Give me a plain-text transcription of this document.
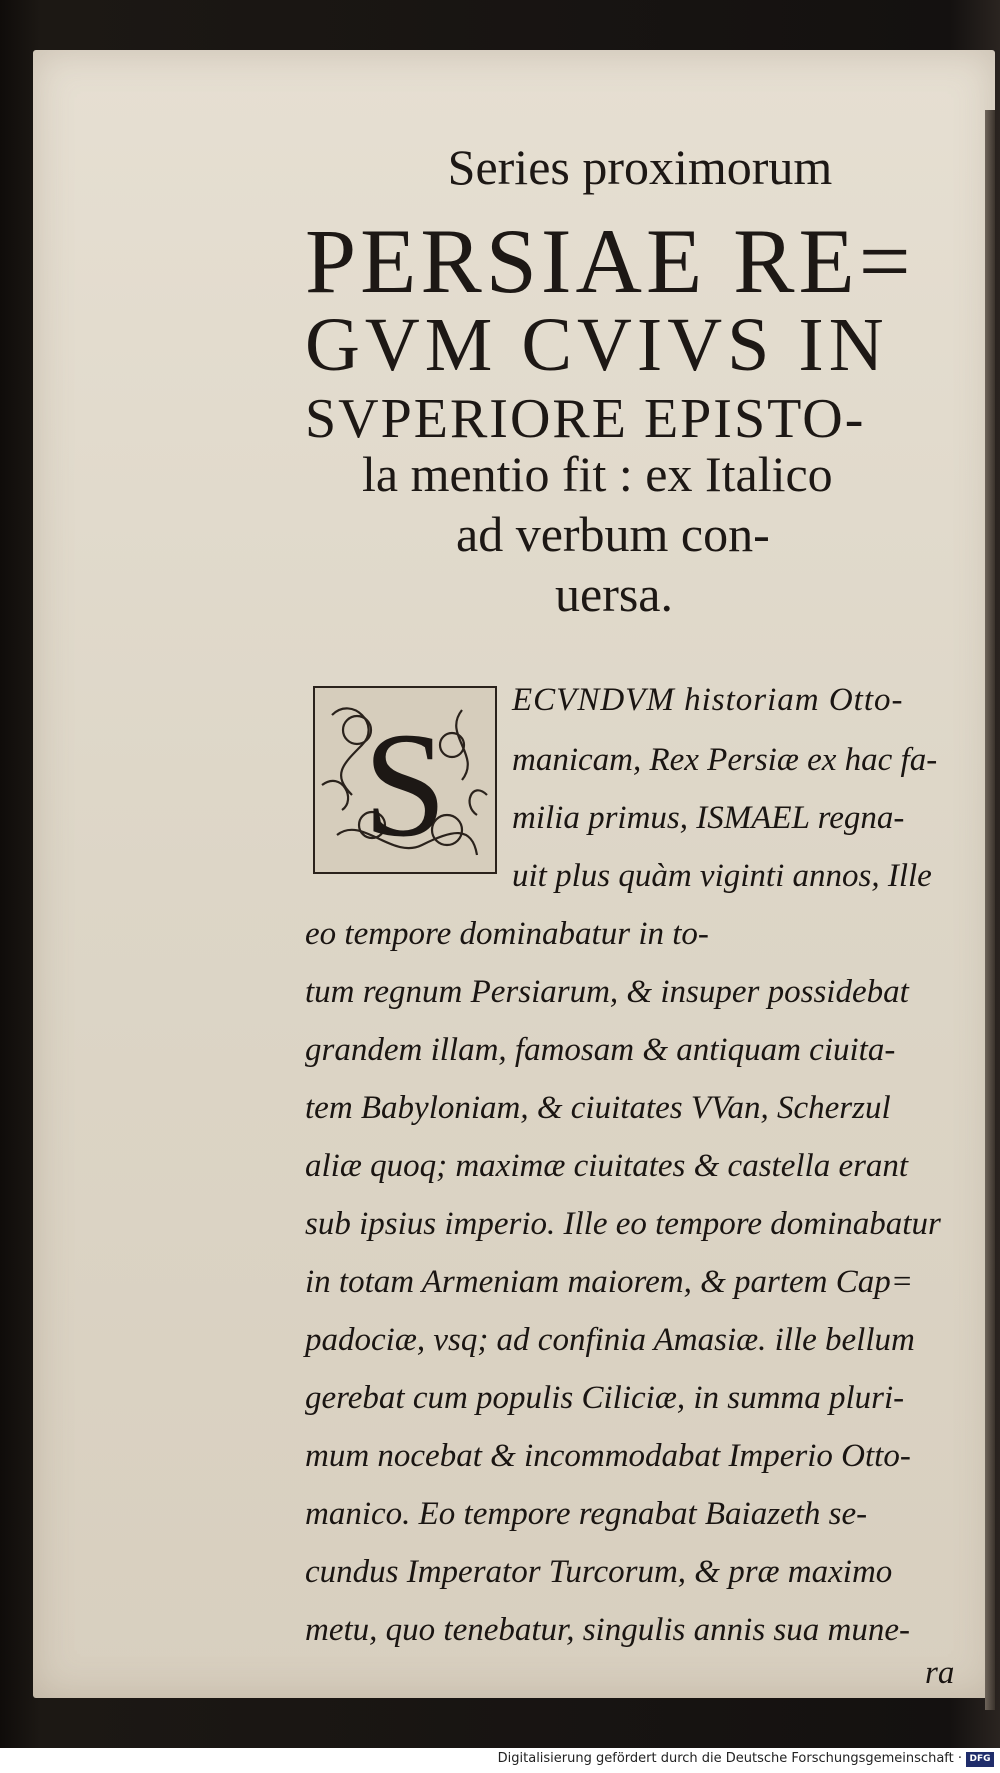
Series proximorum
PERSIAE RE=
GVM CVIVS IN
SVPERIORE EPISTO-
la mentio fit : ex Italico
ad verbum con-
uersa.
S
ECVNDVM historiam Otto-
manicam, Rex Persiæ ex hac fa-
milia primus, ISMAEL regna-
uit plus quàm viginti annos, Ille
eo tempore dominabatur in to-
tum regnum Persiarum, & insuper possidebat
grandem illam, famosam & antiquam ciuita-
tem Babyloniam, & ciuitates VVan, Scherzul
aliæ quoq; maximæ ciuitates & castella erant
sub ipsius imperio. Ille eo tempore dominabatur
in totam Armeniam maiorem, & partem Cap=
padociæ, vsq; ad confinia Amasiæ. ille bellum
gerebat cum populis Ciliciæ, in summa pluri-
mum nocebat & incommodabat Imperio Otto-
manico. Eo tempore regnabat Baiazeth se-
cundus Imperator Turcorum, & præ maximo
metu, quo tenebatur, singulis annis sua mune-
Digitalisierung gefördert durch die Deutsche Forschungsgemeinschaft · DFG
ra
